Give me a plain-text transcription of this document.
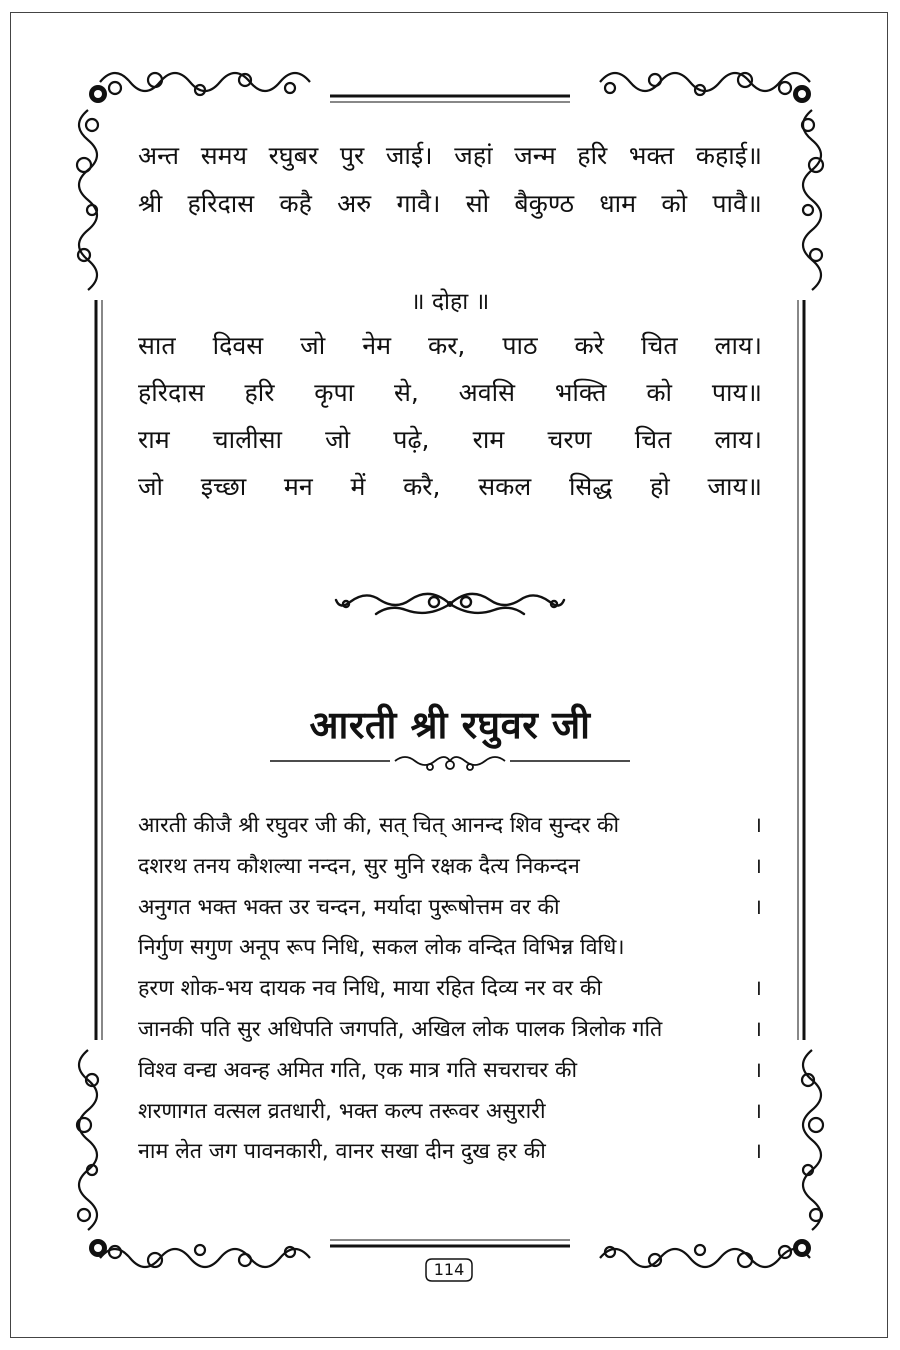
अन्त समय रघुबर पुर जाई। जहां जन्म हरि भक्त कहाई॥
श्री हरिदास कहै अरु गावै। सो बैकुण्ठ धाम को पावै॥
॥ दोहा ॥
सात दिवस जो नेम कर, पाठ करे चित लाय।
हरिदास हरि कृपा से, अवसि भक्ति को पाय॥
राम चालीसा जो पढ़े, राम चरण चित लाय।
जो इच्छा मन में करै, सकल सिद्ध हो जाय॥
आरती श्री रघुवर जी
आरती कीजै श्री रघुवर जी की, सत् चित् आनन्द शिव सुन्दर की	।
दशरथ तनय कौशल्या नन्दन, सुर मुनि रक्षक दैत्य निकन्दन	।
अनुगत भक्त भक्त उर चन्दन, मर्यादा पुरूषोत्तम वर की	।
निर्गुण सगुण अनूप रूप निधि, सकल लोक वन्दित विभिन्न विधि।
हरण शोक-भय दायक नव निधि, माया रहित दिव्य नर वर की	।
जानकी पति सुर अधिपति जगपति, अखिल लोक पालक त्रिलोक गति	।
विश्व वन्द्य अवन्ह अमित गति, एक मात्र गति सचराचर की	।
शरणागत वत्सल व्रतधारी, भक्त कल्प तरूवर असुरारी	।
नाम लेत जग पावनकारी, वानर सखा दीन दुख हर की	।
114
